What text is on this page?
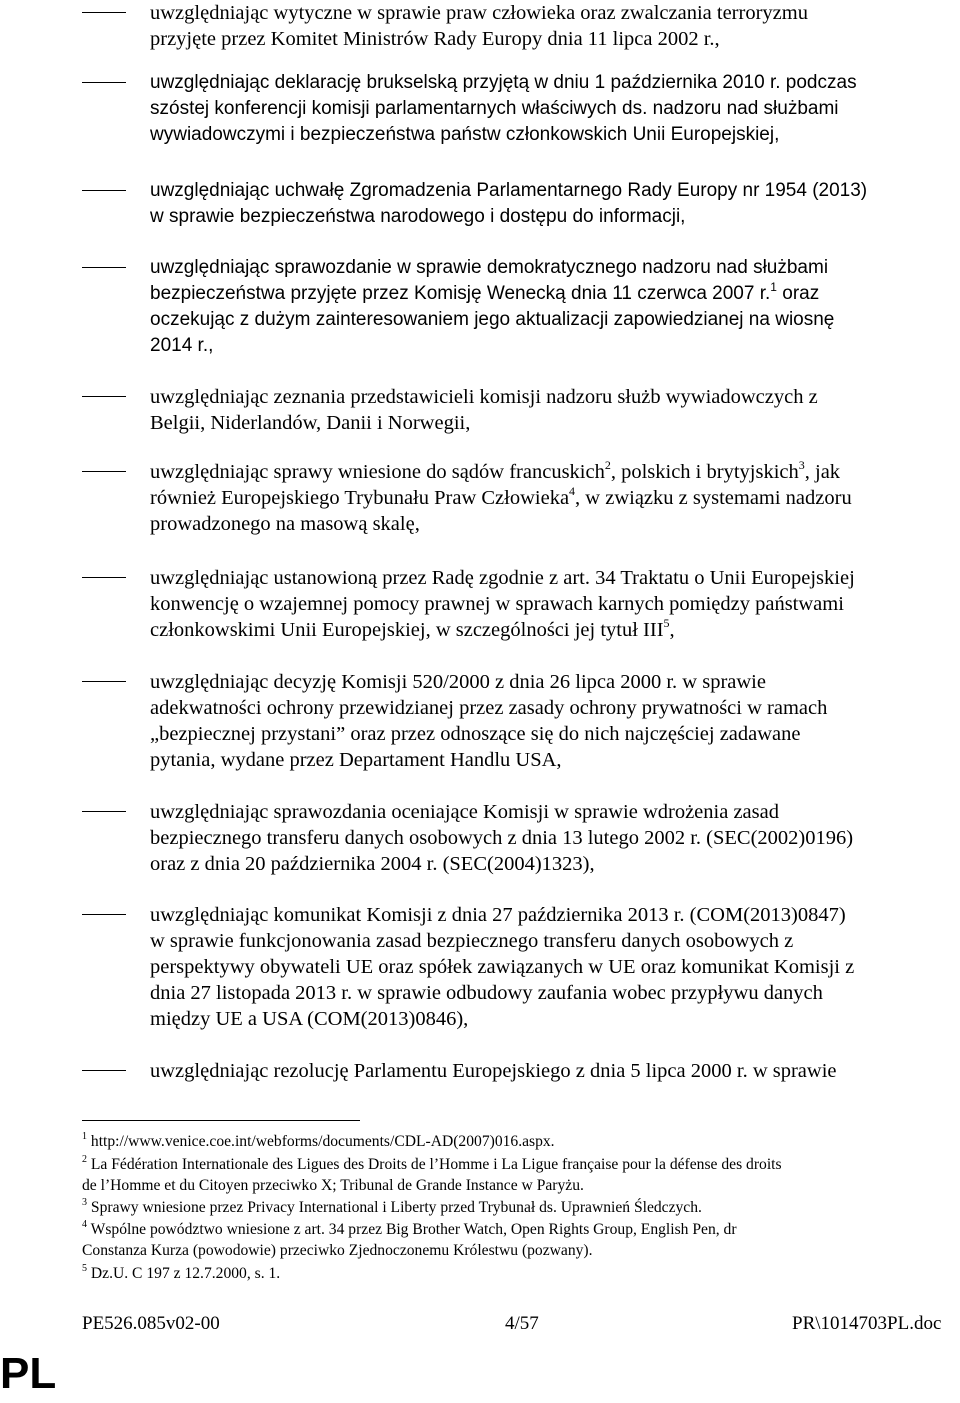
uwzględniając wytyczne w sprawie praw człowieka oraz zwalczania terroryzmu
przyjęte przez Komitet Ministrów Rady Europy dnia 11 lipca 2002 r.,
uwzględniając deklarację brukselską przyjętą w dniu 1 października 2010 r. podczas
szóstej konferencji komisji parlamentarnych właściwych ds. nadzoru nad służbami
wywiadowczymi i bezpieczeństwa państw członkowskich Unii Europejskiej,
uwzględniając uchwałę Zgromadzenia Parlamentarnego Rady Europy nr 1954 (2013)
w sprawie bezpieczeństwa narodowego i dostępu do informacji,
uwzględniając sprawozdanie w sprawie demokratycznego nadzoru nad służbami
bezpieczeństwa przyjęte przez Komisję Wenecką dnia 11 czerwca 2007 r.$^1$ oraz
oczekując z dużym zainteresowaniem jego aktualizacji zapowiedzianej na wiosnę
2014 r.,
uwzględniając zeznania przedstawicieli komisji nadzoru służb wywiadowczych z
Belgii, Niderlandów, Danii i Norwegii,
uwzględniając sprawy wniesione do sądów francuskich$^2$, polskich i brytyjskich$^3$, jak
również Europejskiego Trybunału Praw Człowieka$^4$, w związku z systemami nadzoru
prowadzonego na masową skalę,
uwzględniając ustanowioną przez Radę zgodnie z art. 34 Traktatu o Unii Europejskiej
konwencję o wzajemnej pomocy prawnej w sprawach karnych pomiędzy państwami
członkowskimi Unii Europejskiej, w szczególności jej tytuł III$^5$,
uwzględniając decyzję Komisji 520/2000 z dnia 26 lipca 2000 r. w sprawie
adekwatności ochrony przewidzianej przez zasady ochrony prywatności w ramach
„bezpiecznej przystani” oraz przez odnoszące się do nich najczęściej zadawane
pytania, wydane przez Departament Handlu USA,
uwzględniając sprawozdania oceniające Komisji w sprawie wdrożenia zasad
bezpiecznego transferu danych osobowych z dnia 13 lutego 2002 r. (SEC(2002)0196)
oraz z dnia 20 października 2004 r. (SEC(2004)1323),
uwzględniając komunikat Komisji z dnia 27 października 2013 r. (COM(2013)0847)
w sprawie funkcjonowania zasad bezpiecznego transferu danych osobowych z
perspektywy obywateli UE oraz spółek zawiązanych w UE oraz komunikat Komisji z
dnia 27 listopada 2013 r. w sprawie odbudowy zaufania wobec przypływu danych
między UE a USA (COM(2013)0846),
uwzględniając rezolucję Parlamentu Europejskiego z dnia 5 lipca 2000 r. w sprawie
$^1$ http://www.venice.coe.int/webforms/documents/CDL-AD(2007)016.aspx.
$^2$ La Fédération Internationale des Ligues des Droits de l’Homme i La Ligue française pour la défense des droits
de l’Homme et du Citoyen przeciwko X; Tribunal de Grande Instance w Paryżu.
$^3$ Sprawy wniesione przez Privacy International i Liberty przed Trybunał ds. Uprawnień Śledczych.
$^4$ Wspólne powództwo wniesione z art. 34 przez Big Brother Watch, Open Rights Group, English Pen, dr
Constanza Kurza (powodowie) przeciwko Zjednoczonemu Królestwu (pozwany).
$^5$ Dz.U. C 197 z 12.7.2000, s. 1.
PE526.085v02-00	4/57	PR\1014703PL.doc
PL
